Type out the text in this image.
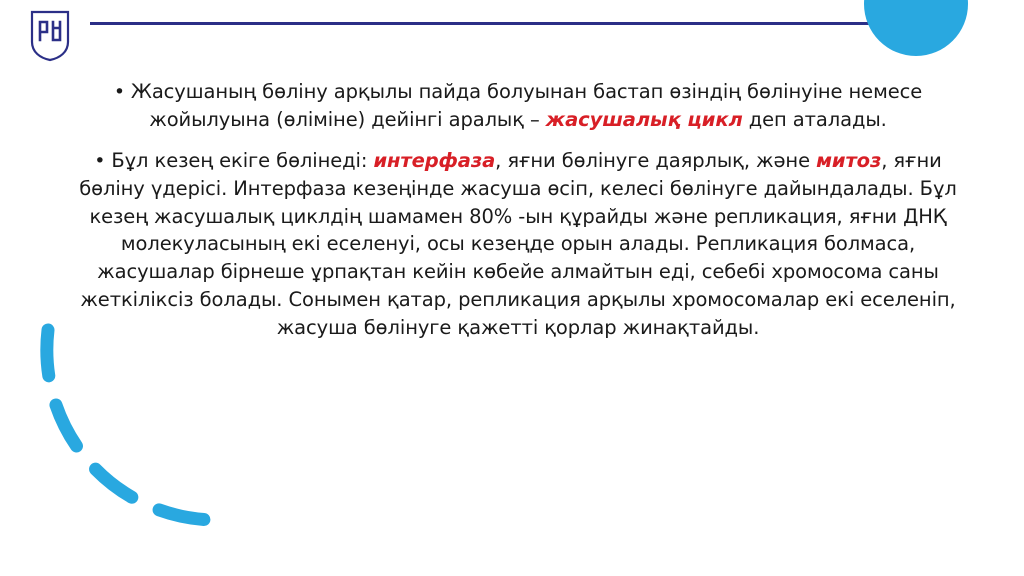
• Жасушаның бөліну арқылы пайда болуынан бастап өзіндің бөлінуіне немесе жойылуына (өліміне) дейінгі аралық – жасушалық цикл деп аталады.

• Бұл кезең екіге бөлінеді: интерфаза, яғни бөлінуге даярлық, және митоз, яғни бөліну үдерісі. Интерфаза кезеңінде жасуша өсіп, келесі бөлінуге дайындалады. Бұл кезең жасушалық циклдің шамамен 80% -ын құрайды және репликация, яғни ДНҚ молекуласының екі еселенуі, осы кезеңде орын алады. Репликация болмаса, жасушалар бірнеше ұрпақтан кейін көбейе алмайтын еді, себебі хромосома саны жеткіліксіз болады. Сонымен қатар, репликация арқылы хромосомалар екі еселеніп, жасуша бөлінуге қажетті қорлар жинақтайды.
